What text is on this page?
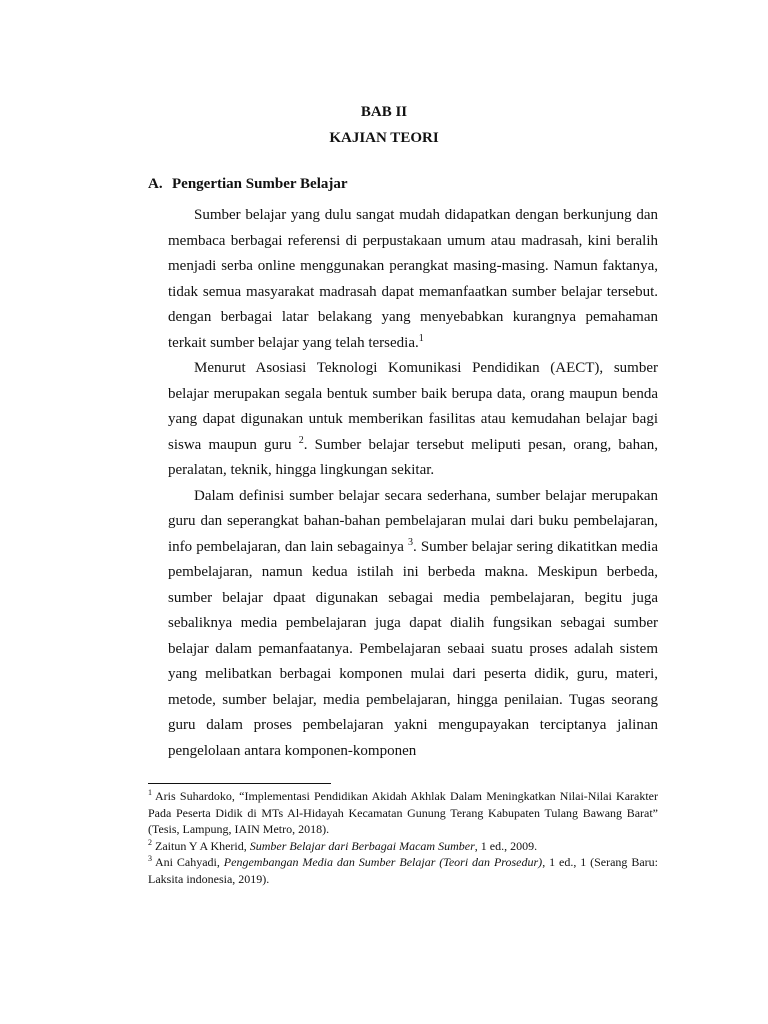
BAB II
KAJIAN TEORI
A. Pengertian Sumber Belajar

Sumber belajar yang dulu sangat mudah didapatkan dengan berkunjung dan membaca berbagai referensi di perpustakaan umum atau madrasah, kini beralih menjadi serba online menggunakan perangkat masing-masing. Namun faktanya, tidak semua masyarakat madrasah dapat memanfaatkan sumber belajar tersebut. dengan berbagai latar belakang yang menyebabkan kurangnya pemahaman terkait sumber belajar yang telah tersedia.$^1$

Menurut Asosiasi Teknologi Komunikasi Pendidikan (AECT), sumber belajar merupakan segala bentuk sumber baik berupa data, orang maupun benda yang dapat digunakan untuk memberikan fasilitas atau kemudahan belajar bagi siswa maupun guru $^2$. Sumber belajar tersebut meliputi pesan, orang, bahan, peralatan, teknik, hingga lingkungan sekitar.

Dalam definisi sumber belajar secara sederhana, sumber belajar merupakan guru dan seperangkat bahan-bahan pembelajaran mulai dari buku pembelajaran, info pembelajaran, dan lain sebagainya $^3$. Sumber belajar sering dikatitkan media pembelajaran, namun kedua istilah ini berbeda makna. Meskipun berbeda, sumber belajar dpaat digunakan sebagai media pembelajaran, begitu juga sebaliknya media pembelajaran juga dapat dialih fungsikan sebagai sumber belajar dalam pemanfaatanya. Pembelajaran sebaai suatu proses adalah sistem yang melibatkan berbagai komponen mulai dari peserta didik, guru, materi, metode, sumber belajar, media pembelajaran, hingga penilaian. Tugas seorang guru dalam proses pembelajaran yakni mengupayakan terciptanya jalinan pengelolaan antara komponen-komponen

$^1$ Aris Suhardoko, “Implementasi Pendidikan Akidah Akhlak Dalam Meningkatkan Nilai-Nilai Karakter Pada Peserta Didik di MTs Al-Hidayah Kecamatan Gunung Terang Kabupaten Tulang Bawang Barat” (Tesis, Lampung, IAIN Metro, 2018).

$^2$ Zaitun Y A Kherid, Sumber Belajar dari Berbagai Macam Sumber, 1 ed., 2009.

$^3$ Ani Cahyadi, Pengembangan Media dan Sumber Belajar (Teori dan Prosedur), 1 ed., 1 (Serang Baru: Laksita indonesia, 2019).
